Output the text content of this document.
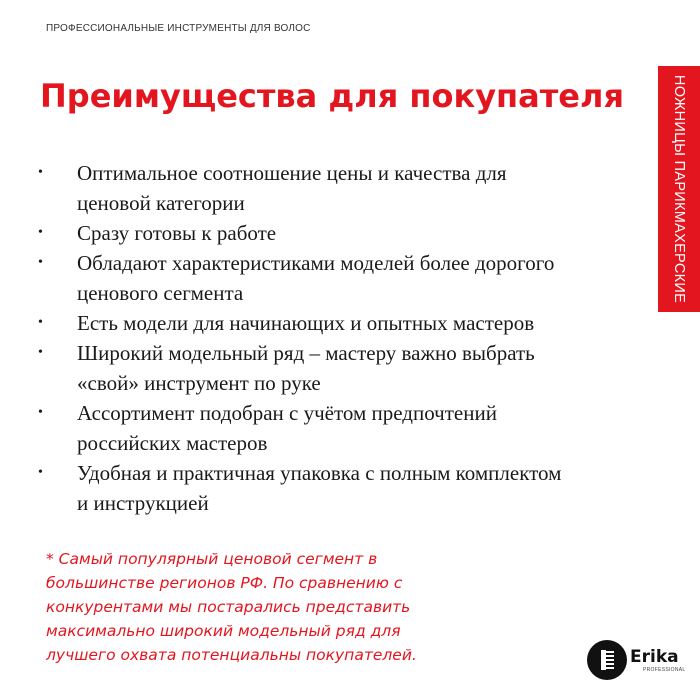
ПРОФЕССИОНАЛЬНЫЕ ИНСТРУМЕНТЫ ДЛЯ ВОЛОС
Преимущества для покупателя	НОЖНИЦЫ ПАРИКМАХЕРСКИЕ
• Оптимальное соотношение цены и качества для
ценовой категории
• Сразу готовы к работе
• Обладают характеристиками моделей более дорогого
ценового сегмента
• Есть модели для начинающих и опытных мастеров
• Широкий модельный ряд – мастеру важно выбрать
«свой» инструмент по руке
• Ассортимент подобран с учётом предпочтений
российских мастеров
• Удобная и практичная упаковка с полным комплектом
и инструкцией
* Самый популярный ценовой сегмент в
большинстве регионов РФ. По сравнению с
конкурентами мы постарались представить
максимально широкий модельный ряд для
лучшего охвата потенциальны покупателей.	Erika
PROFESSIONAL
